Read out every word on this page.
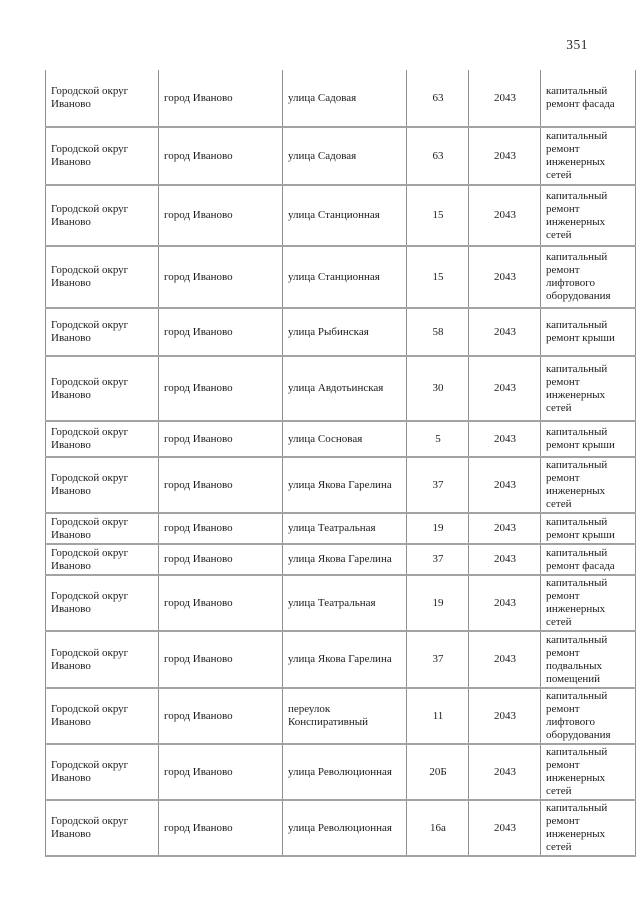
351
Городской округ Иваново	город Иваново	улица Садовая	63	2043	капитальный ремонт фасада
Городской округ Иваново	город Иваново	улица Садовая	63	2043	капитальный ремонт инженерных сетей
Городской округ Иваново	город Иваново	улица Станционная	15	2043	капитальный ремонт инженерных сетей
Городской округ Иваново	город Иваново	улица Станционная	15	2043	капитальный ремонт лифтового оборудования
Городской округ Иваново	город Иваново	улица Рыбинская	58	2043	капитальный ремонт крыши
Городской округ Иваново	город Иваново	улица Авдотьинская	30	2043	капитальный ремонт инженерных сетей
Городской округ Иваново	город Иваново	улица Сосновая	5	2043	капитальный ремонт крыши
Городской округ Иваново	город Иваново	улица Якова Гарелина	37	2043	капитальный ремонт инженерных сетей
Городской округ Иваново	город Иваново	улица Театральная	19	2043	капитальный ремонт крыши
Городской округ Иваново	город Иваново	улица Якова Гарелина	37	2043	капитальный ремонт фасада
Городской округ Иваново	город Иваново	улица Театральная	19	2043	капитальный ремонт инженерных сетей
Городской округ Иваново	город Иваново	улица Якова Гарелина	37	2043	капитальный ремонт подвальных помещений
Городской округ Иваново	город Иваново	переулок Конспиративный	11	2043	капитальный ремонт лифтового оборудования
Городской округ Иваново	город Иваново	улица Революционная	20Б	2043	капитальный ремонт инженерных сетей
Городской округ Иваново	город Иваново	улица Революционная	16а	2043	капитальный ремонт инженерных сетей
